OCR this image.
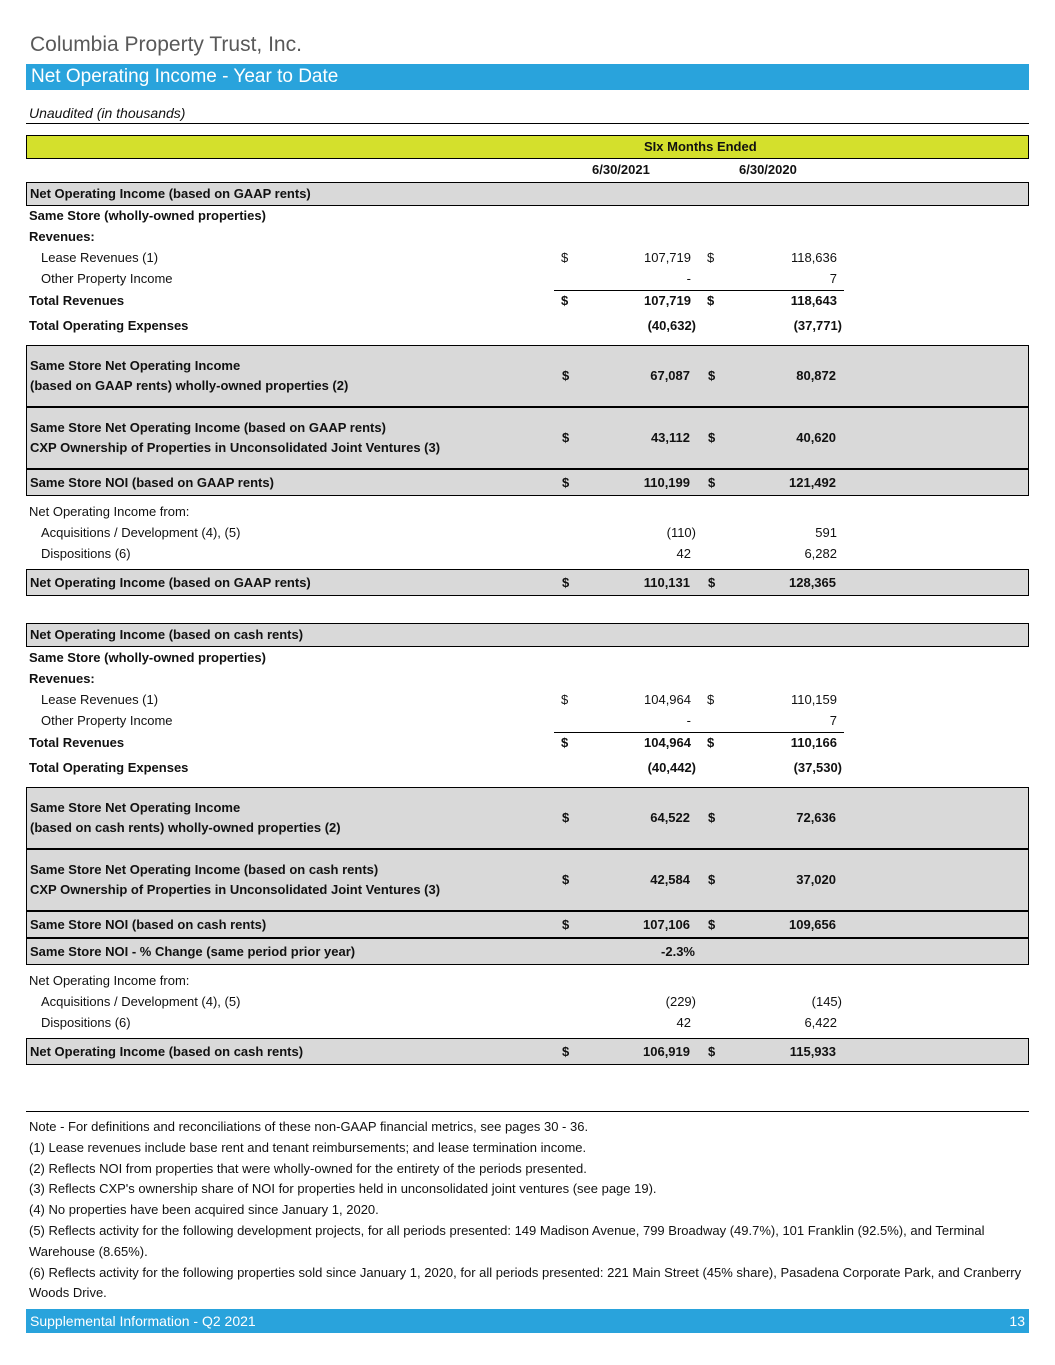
Columbia Property Trust, Inc.
Net Operating Income - Year to Date
Unaudited (in thousands)
SIx Months Ended
6/30/2021	6/30/2020
Net Operating Income (based on GAAP rents)
Same Store (wholly-owned properties)
Revenues:
Lease Revenues (1)	$	107,719 $	118,636
Other Property Income	-	7
Total Revenues	$	107,719 $	118,643
Total Operating Expenses	(40,632)	(37,771)
Same Store Net Operating Income
(based on GAAP rents) wholly-owned properties (2)
$	67,087 $	80,872
Same Store Net Operating Income (based on GAAP rents)
CXP Ownership of Properties in Unconsolidated Joint Ventures (3)
$	43,112 $	40,620
Same Store NOI (based on GAAP rents)	$	110,199 $	121,492
Net Operating Income from:
Acquisitions / Development (4), (5)	(110)	591
Dispositions (6)	42	6,282
Net Operating Income (based on GAAP rents)	$	110,131 $	128,365
Net Operating Income (based on cash rents)
Same Store (wholly-owned properties)
Revenues:
Lease Revenues (1)	$	104,964 $	110,159
Other Property Income	-	7
Total Revenues	$	104,964 $	110,166
Total Operating Expenses	(40,442)	(37,530)
Same Store Net Operating Income
(based on cash rents) wholly-owned properties (2)
$	64,522 $	72,636
Same Store Net Operating Income (based on cash rents)
CXP Ownership of Properties in Unconsolidated Joint Ventures (3)
$	42,584 $	37,020
Same Store NOI (based on cash rents)	$	107,106 $	109,656
Same Store NOI - % Change (same period prior year)	-2.3%
Net Operating Income from:
Acquisitions / Development (4), (5)	(229)	(145)
Dispositions (6)	42	6,422
Net Operating Income (based on cash rents)	$	106,919 $	115,933

Note - For definitions and reconciliations of these non-GAAP financial metrics, see pages 30 - 36.

(1) Lease revenues include base rent and tenant reimbursements; and lease termination income.

(2) Reflects NOI from properties that were wholly-owned for the entirety of the periods presented.

(3) Reflects CXP's ownership share of NOI for properties held in unconsolidated joint ventures (see page 19).

(4) No properties have been acquired since January 1, 2020.

(5) Reflects activity for the following development projects, for all periods presented: 149 Madison Avenue, 799 Broadway (49.7%), 101 Franklin (92.5%), and Terminal Warehouse (8.65%).

(6) Reflects activity for the following properties sold since January 1, 2020, for all periods presented: 221 Main Street (45% share), Pasadena Corporate Park, and Cranberry Woods Drive.

Supplemental Information - Q2 2021	13
